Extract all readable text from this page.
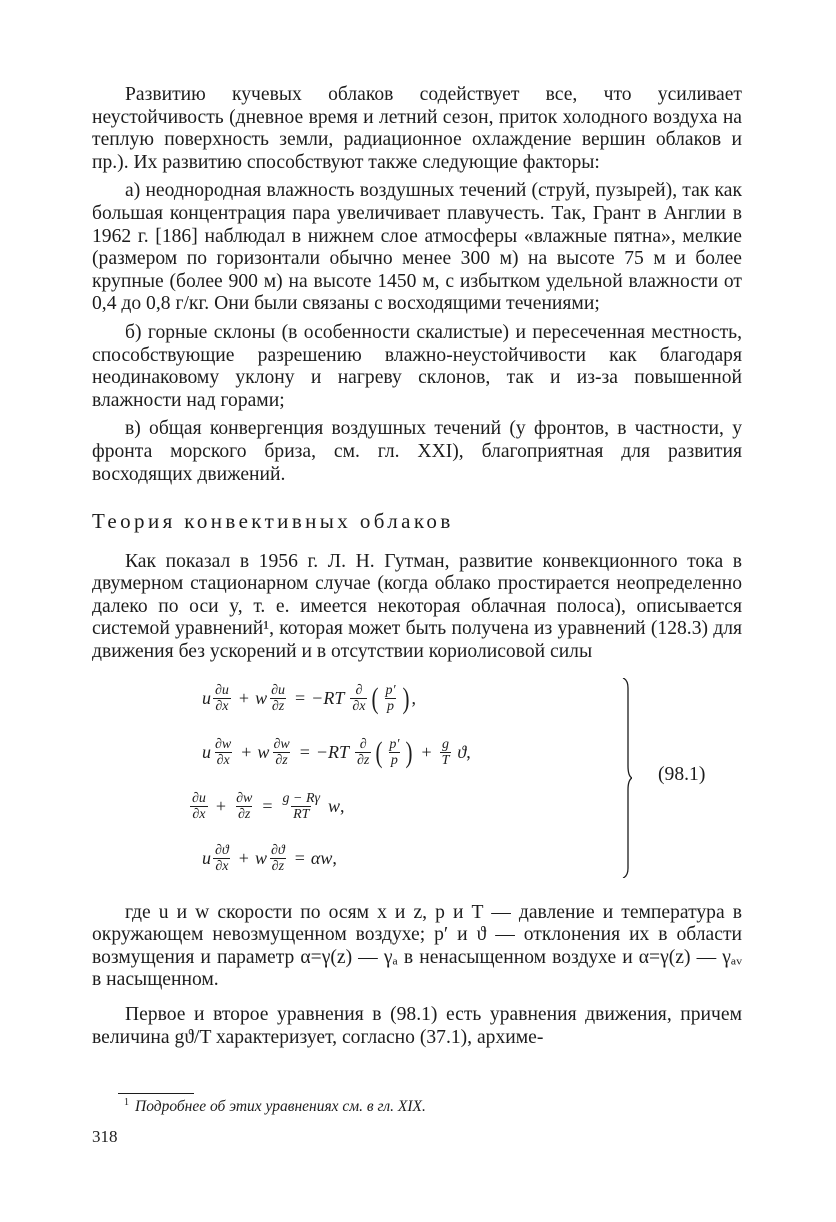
Развитию кучевых облаков содействует все, что усиливает неустойчивость (дневное время и летний сезон, приток холодного воздуха на теплую поверхность земли, радиационное охлаждение вершин облаков и пр.). Их развитию способствуют также следующие факторы:

а) неоднородная влажность воздушных течений (струй, пузырей), так как большая концентрация пара увеличивает плавучесть. Так, Грант в Англии в 1962 г. [186] наблюдал в нижнем слое атмосферы «влажные пятна», мелкие (размером по горизонтали обычно менее 300 м) на высоте 75 м и более крупные (более 900 м) на высоте 1450 м, с избытком удельной влажности от 0,4 до 0,8 г/кг. Они были связаны с восходящими течениями;

б) горные склоны (в особенности скалистые) и пересеченная местность, способствующие разрешению влажно-неустойчивости как благодаря неодинаковому уклону и нагреву склонов, так и из-за повышенной влажности над горами;

в) общая конвергенция воздушных течений (у фронтов, в частности, у фронта морского бриза, см. гл. XXI), благоприятная для развития восходящих движений.

Теория конвективных облаков

Как показал в 1956 г. Л. Н. Гутман, развитие конвекционного тока в двумерном стационарном случае (когда облако простирается неопределенно далеко по оси y, т. е. имеется некоторая облачная полоса), описывается системой уравнений¹, которая может быть получена из уравнений (128.3) для движения без ускорений и в отсутствии кориолисовой силы

u $\frac{\partial u}{\partial x} + w \frac{\partial u}{\partial z} = -RT \frac{\partial}{\partial x}$ ( $\frac{p'}{p}$ ) ,
u $\frac{\partial w}{\partial x} + w \frac{\partial w}{\partial z} = -RT \frac{\partial}{\partial z}$ ( $\frac{p'}{p}$ ) + $\frac{g}{T}$ ϑ ,
$\frac{\partial u}{\partial x} + \frac{\partial w}{\partial z} = \frac{g - R\gamma}{RT}$ w ,
u $\frac{\partial ϑ}{\partial x} + w \frac{\partial ϑ}{\partial z} = \alpha w$ ,
(98.1)

где u и w скорости по осям x и z, p и T — давление и температура в окружающем невозмущенном воздухе; p′ и ϑ — отклонения их в области возмущения и параметр α=γ(z) — γₐ в ненасыщенном воздухе и α=γ(z) — γₐᵥ в насыщенном.

Первое и второе уравнения в (98.1) есть уравнения движения, причем величина gϑ/T характеризует, согласно (37.1), архиме-

$^1$ Подробнее об этих уравнениях см. в гл. XIX.
318
